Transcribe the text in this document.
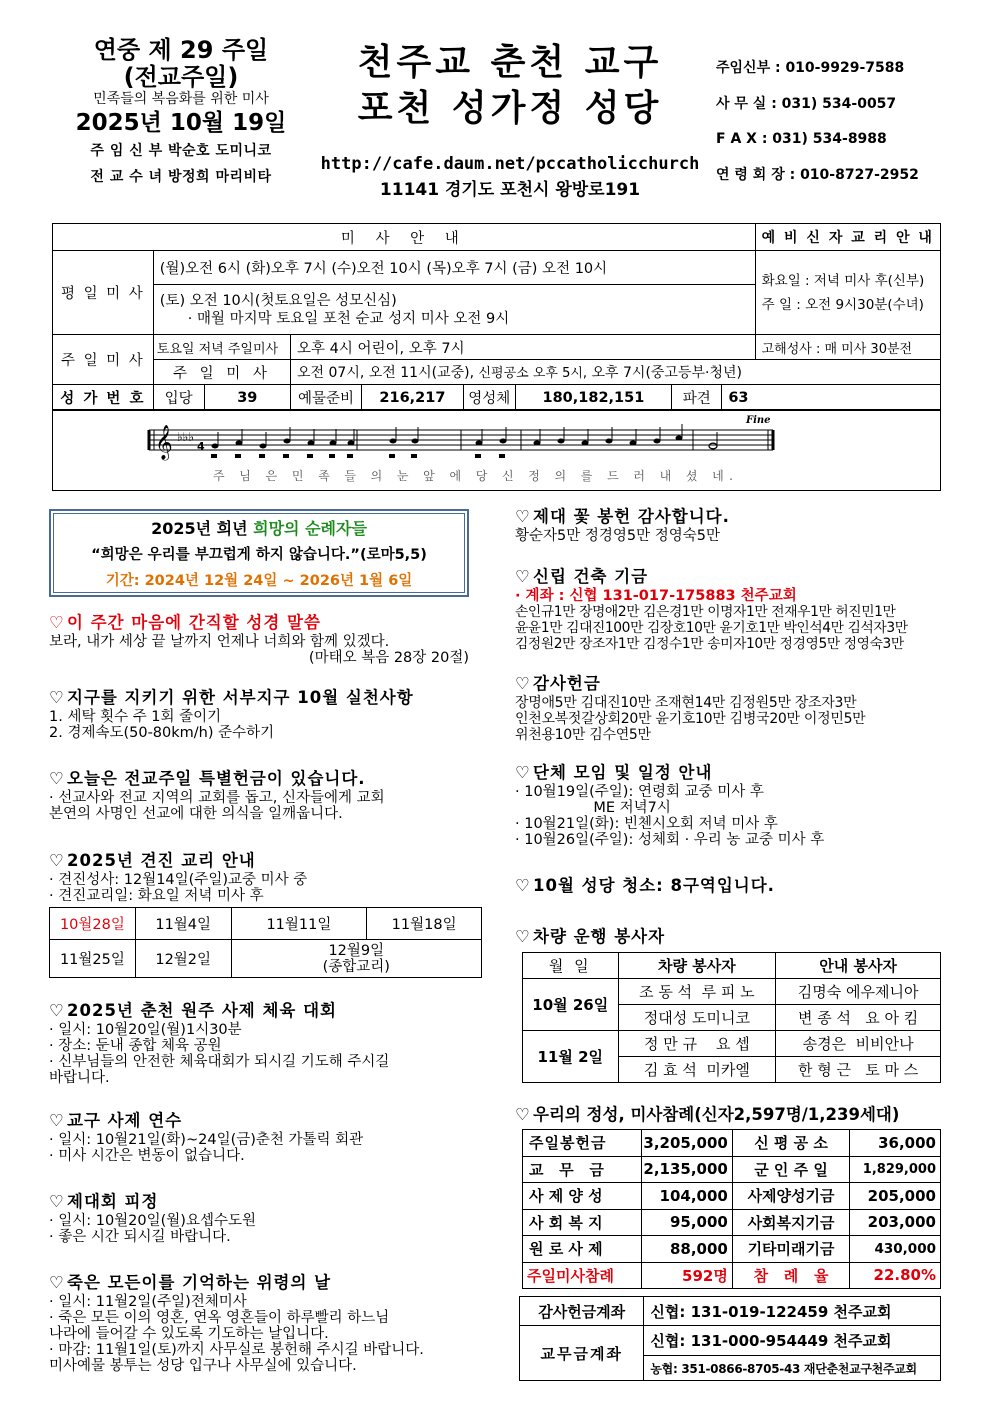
연중 제 29 주일
(전교주일)
민족들의 복음화를 위한 미사
2025년 10월 19일
주 임 신 부 박순호 도미니코
전 교 수 녀 방정희 마리비타
천주교 춘천 교구
포천 성가정 성당
http://cafe.daum.net/pccatholicchurch
11141 경기도 포천시 왕방로191
주임신부 : 010-9929-7588
사 무 실 : 031) 534-0057
F A X : 031) 534-8988
연 령 회 장 : 010-8727-2952
미 사 안 내									예 비 신 자 교 리 안 내
평 일 미 사	(월)오전 6시 (화)오후 7시 (수)오전 10시 (목)오후 7시 (금) 오전 10시								화요일 : 저녁 미사 후(신부)
주 일 : 오전 9시30분(수녀)

	(토) 오전 10시(첫토요일은 성모신심)
· 매월 마지막 토요일 포천 순교 성지 미사 오전 9시								

주 일 미 사	토요일 저녁 주일미사		오후 4시 어린이, 오후 7시						고해성사 : 매 미사 30분전
	주 일 미 사		오전 07시, 오전 11시(교중), 신평공소 오후 5시, 오후 7시(중고등부·청년)						
성 가 번 호	입당	39	예물준비	216,217	영성체	180,182,151	파견	63	
𝄞 ♭♭♭
4
Fine
주 님 은 민 족 들 의 눈 앞 에 당 신 정 의 를 드 러 내 셨 네.
2025년 희년 희망의 순례자들
“희망은 우리를 부끄럽게 하지 않습니다.”(로마5,5)
기간: 2024년 12월 24일 ~ 2026년 1월 6일
♡ 이 주간 마음에 간직할 성경 말씀
보라, 내가 세상 끝 날까지 언제나 너희와 함께 있겠다.
(마태오 복음 28장 20절)
♡ 지구를 지키기 위한 서부지구 10월 실천사항
1. 세탁 횟수 주 1회 줄이기
2. 경제속도(50-80km/h) 준수하기
♡ 오늘은 전교주일 특별헌금이 있습니다.
· 선교사와 전교 지역의 교회를 돕고, 신자들에게 교회
본연의 사명인 선교에 대한 의식을 일깨웁니다.
♡ 2025년 견진 교리 안내
· 견진성사: 12월14일(주일)교중 미사 중
· 견진교리일: 화요일 저녁 미사 후
10월28일	11월4일	11월11일	11월18일
11월25일	12월2일	12월9일
(종합교리)	
♡ 2025년 춘천 원주 사제 체육 대회
· 일시: 10월20일(월)1시30분
· 장소: 둔내 종합 체육 공원
· 신부님들의 안전한 체육대회가 되시길 기도해 주시길
바랍니다.
♡ 교구 사제 연수
· 일시: 10월21일(화)~24일(금)춘천 가톨릭 회관
· 미사 시간은 변동이 없습니다.
♡ 제대회 피정
· 일시: 10월20일(월)요셉수도원
· 좋은 시간 되시길 바랍니다.
♡ 죽은 모든이를 기억하는 위령의 날
· 일시: 11월2일(주일)전체미사
· 죽은 모든 이의 영혼, 연옥 영혼들이 하루빨리 하느님
나라에 들어갈 수 있도록 기도하는 날입니다.
· 마감: 11월1일(토)까지 사무실로 봉헌해 주시길 바랍니다.
미사예물 봉투는 성당 입구나 사무실에 있습니다.
♡ 제대 꽃 봉헌 감사합니다.
황순자5만 정경영5만 정영숙5만
♡ 신립 건축 기금
· 계좌 : 신협 131-017-175883 천주교회
손인규1만 장명애2만 김은경1만 이명자1만 전재우1만 허진민1만
윤윤1만 김대진100만 김장호10만 윤기호1만 박인석4만 김석자3만
김정원2만 장조자1만 김정수1만 송미자10만 정경영5만 정영숙3만
♡ 감사헌금
장명애5만 김대진10만 조재현14만 김정원5만 장조자3만
인천오복젓갈상회20만 윤기호10만 김병국20만 이정민5만
위천용10만 김수연5만
♡ 단체 모임 및 일정 안내
· 10월19일(주일): 연령회 교중 미사 후
ME 저녁7시
· 10월21일(화): 빈첸시오회 저녁 미사 후
· 10월26일(주일): 성체회 · 우리 농 교중 미사 후
♡ 10월 성당 청소: 8구역입니다.
♡ 차량 운행 봉사자
월 일	차량 봉사자	안내 봉사자
10월 26일	조 동 석  루 피 노	김명숙 에우제니아
	정대성 도미니코	변 종 석   요 아 킴
11월 2일	정 만 규    요 셉	송경은  비비안나
	김 효 석  미카엘	한 형 근   토 마 스
♡ 우리의 정성, 미사참례(신자2,597명/1,239세대)
주일봉헌금	3,205,000	신 평 공 소	36,000
교   무   금	2,135,000	군 인 주 일	1,829,000
사 제 양 성	104,000	사제양성기금	205,000
사 회 복 지	95,000	사회복지기금	203,000
원 로 사 제	88,000	기타미래기금	430,000
주일미사참례	592명	참   례   율	22.80%
감사헌금계좌	신협: 131-019-122459 천주교회
교무금계좌	신협: 131-000-954449 천주교회
	농협: 351-0866-8705-43 재단춘천교구천주교회
